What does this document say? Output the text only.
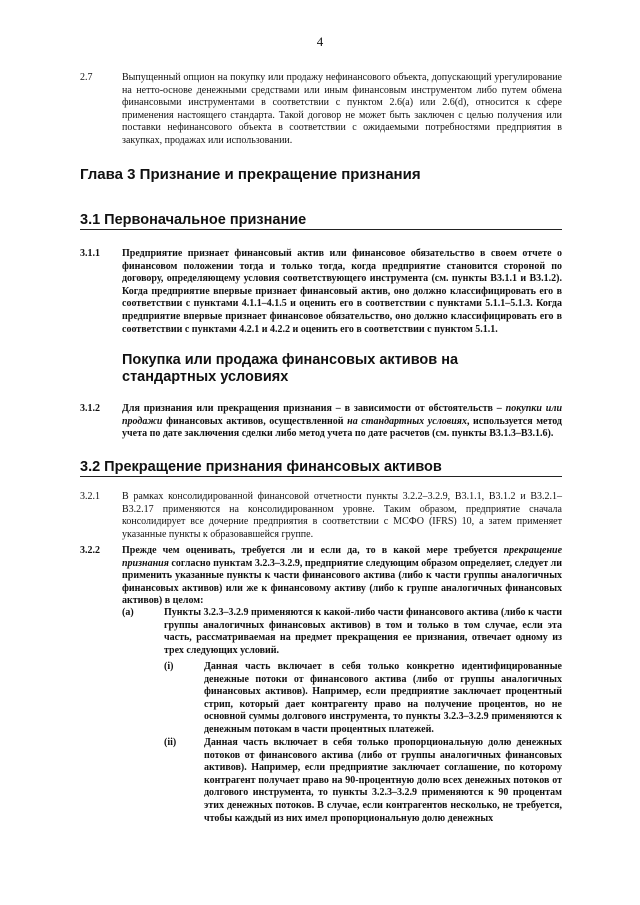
4
2.7	Выпущенный опцион на покупку или продажу нефинансового объекта, допускающий урегулирование на нетто-основе денежными средствами или иным финансовым инструментом либо путем обмена финансовыми инструментами в соответствии с пунктом 2.6(a) или 2.6(d), относится к сфере применения настоящего стандарта. Такой договор не может быть заключен с целью получения или поставки нефинансового объекта в соответствии с ожидаемыми потребностями предприятия в закупках, продажах или использовании.
Глава 3 Признание и прекращение признания
3.1 Первоначальное признание
3.1.1 Предприятие признает финансовый актив или финансовое обязательство в своем отчете о финансовом положении тогда и только тогда, когда предприятие становится стороной по договору, определяющему условия соответствующего инструмента (см. пункты B3.1.1 и B3.1.2). Когда предприятие впервые признает финансовый актив, оно должно классифицировать его в соответствии с пунктами 4.1.1–4.1.5 и оценить его в соответствии с пунктами 5.1.1–5.1.3. Когда предприятие впервые признает финансовое обязательство, оно должно классифицировать его в соответствии с пунктами 4.2.1 и 4.2.2 и оценить его в соответствии с пунктом 5.1.1.
Покупка или продажа финансовых активов на стандартных условиях
3.1.2 Для признания или прекращения признания – в зависимости от обстоятельств – покупки или продажи финансовых активов, осуществленной на стандартных условиях, используется метод учета по дате заключения сделки либо метод учета по дате расчетов (см. пункты B3.1.3–B3.1.6).
3.2 Прекращение признания финансовых активов
3.2.1 В рамках консолидированной финансовой отчетности пункты 3.2.2–3.2.9, B3.1.1, B3.1.2 и B3.2.1–B3.2.17 применяются на консолидированном уровне. Таким образом, предприятие сначала консолидирует все дочерние предприятия в соответствии с МСФО (IFRS) 10, а затем применяет указанные пункты к образовавшейся группе.
3.2.2 Прежде чем оценивать, требуется ли и если да, то в какой мере требуется прекращение признания согласно пунктам 3.2.3–3.2.9, предприятие следующим образом определяет, следует ли применить указанные пункты к части финансового актива (либо к части группы аналогичных финансовых активов) или же к финансовому активу (либо к группе аналогичных финансовых активов) в целом:
(a)	Пункты 3.2.3–3.2.9 применяются к какой-либо части финансового актива (либо к части группы аналогичных финансовых активов) в том и только в том случае, если эта часть, рассматриваемая на предмет прекращения ее признания, отвечает одному из трех следующих условий.
(i)	Данная часть включает в себя только конкретно идентифицированные денежные потоки от финансового актива (либо от группы аналогичных финансовых активов). Например, если предприятие заключает процентный стрип, который дает контрагенту право на получение процентов, но не основной суммы долгового инструмента, то пункты 3.2.3–3.2.9 применяются к денежным потокам в части процентных платежей.
(ii)	Данная часть включает в себя только пропорциональную долю денежных потоков от финансового актива (либо от группы аналогичных финансовых активов). Например, если предприятие заключает соглашение, по которому контрагент получает право на 90-процентную долю всех денежных потоков от долгового инструмента, то пункты 3.2.3–3.2.9 применяются к 90 процентам этих денежных потоков. В случае, если контрагентов несколько, не требуется, чтобы каждый из них имел пропорциональную долю денежных
